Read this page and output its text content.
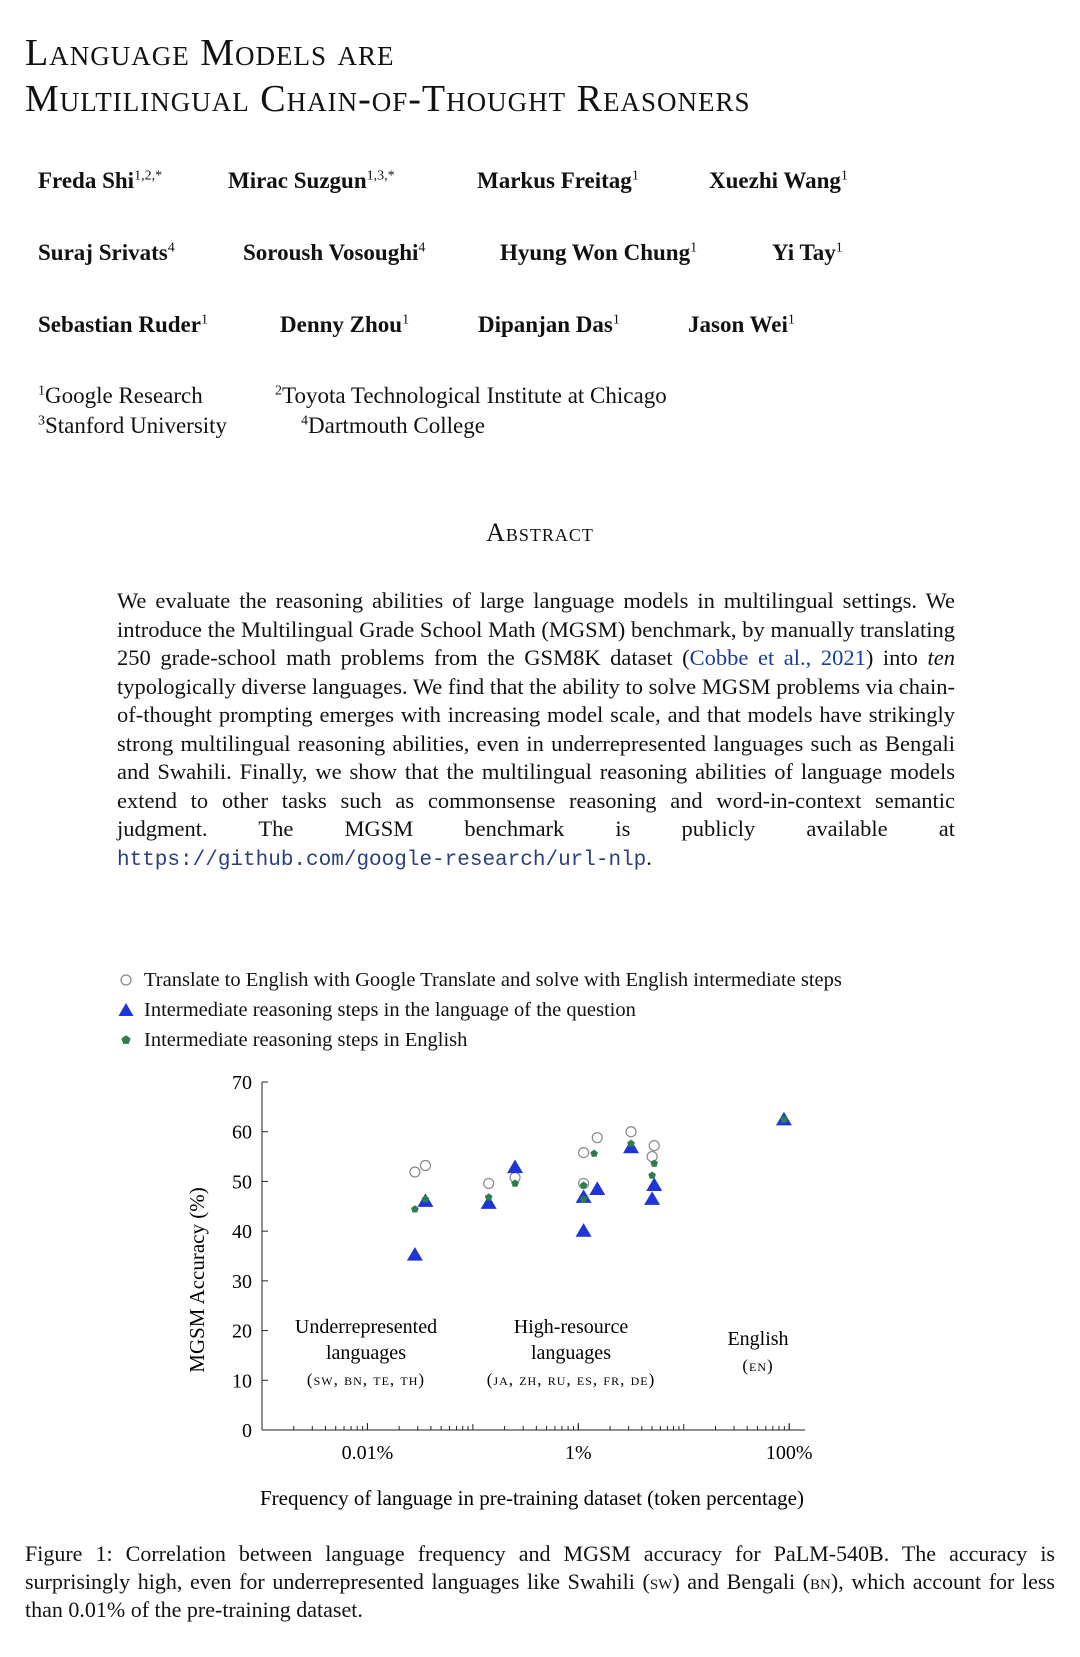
Language Models are
Multilingual Chain-of-Thought Reasoners
Freda Shi$^{1,2,*}$	Mirac Suzgun$^{1,3,*}$	Markus Freitag$^1$	Xuezhi Wang$^1$
Suraj Srivats$^4$	Soroush Vosoughi$^4$	Hyung Won Chung$^1$	Yi Tay$^1$
Sebastian Ruder$^1$	Denny Zhou$^1$	Dipanjan Das$^1$	Jason Wei$^1$
$^1$Google Research	$^2$Toyota Technological Institute at Chicago
$^3$Stanford University	$^4$Dartmouth College
Abstract
We evaluate the reasoning abilities of large language models in multilingual settings. We introduce the Multilingual Grade School Math (MGSM) benchmark, by manually translating 250 grade-school math problems from the GSM8K dataset (Cobbe et al., 2021) into ten typologically diverse languages. We find that the ability to solve MGSM problems via chain-of-thought prompting emerges with increasing model scale, and that models have strikingly strong multilingual reasoning abilities, even in underrepresented languages such as Bengali and Swahili. Finally, we show that the multilingual reasoning abilities of language models extend to other tasks such as commonsense reasoning and word-in-context semantic judgment. The MGSM benchmark is publicly available at https://github.com/google-research/url-nlp.
Translate to English with Google Translate and solve with English intermediate steps
Intermediate reasoning steps in the language of the question
Intermediate reasoning steps in English
0
10
20
30
40
50
60
70
0.01%	1%	100%
MGSM Accuracy (%)
Frequency of language in pre-training dataset (token percentage)
Underrepresented
languages
(sw, bn, te, th)
High-resource
languages
(ja, zh, ru, es, fr, de)
English
(en)
Figure 1: Correlation between language frequency and MGSM accuracy for PaLM-540B. The accuracy is surprisingly high, even for underrepresented languages like Swahili (sw) and Bengali (bn), which account for less than 0.01% of the pre-training dataset.
